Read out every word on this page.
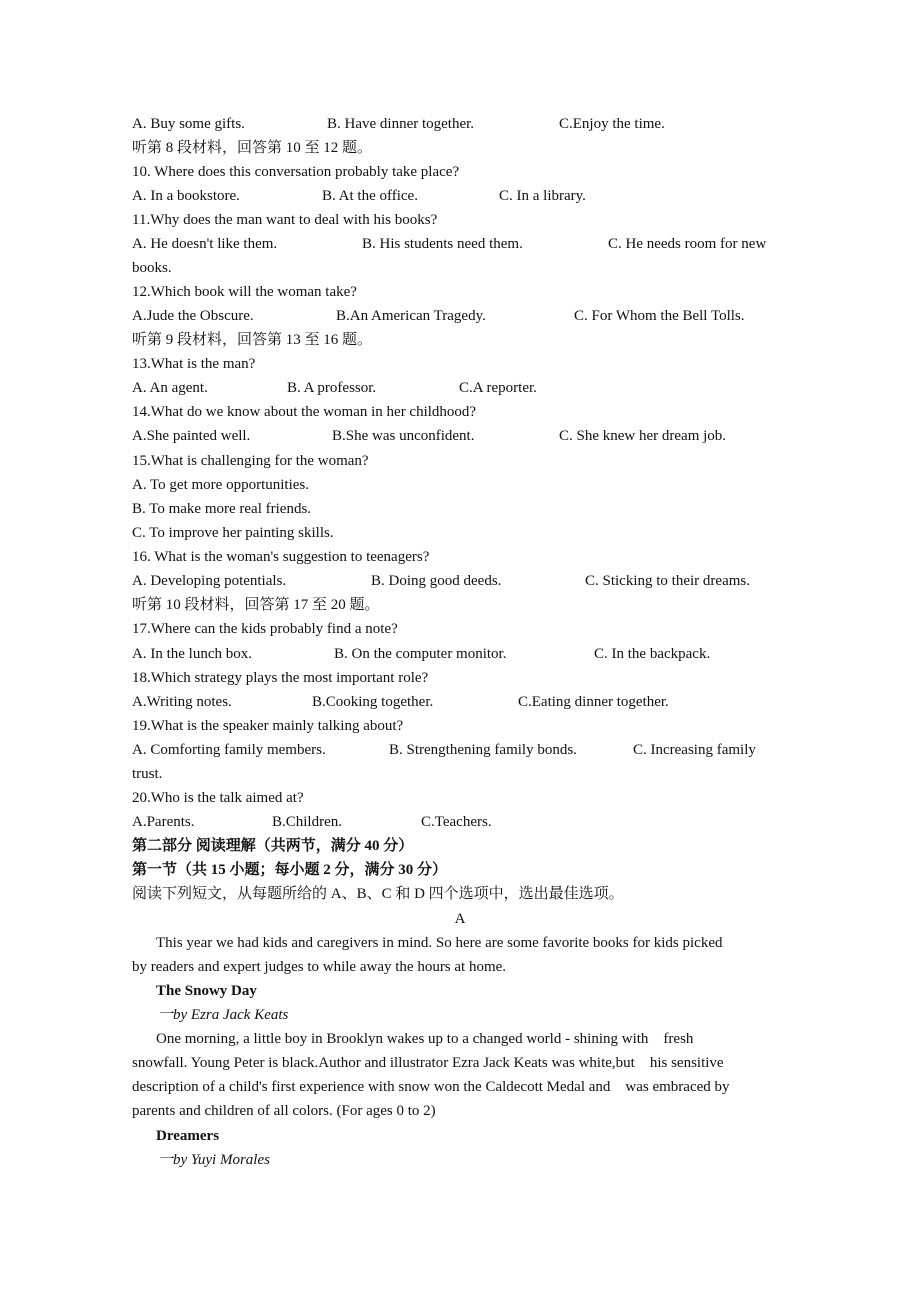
A. Buy some gifts.	B. Have dinner together.	C.Enjoy the time.
听第 8 段材料，回答第 10 至 12 题。
10. Where does this conversation probably take place?
A. In a bookstore.	B. At the office.	C. In a library.
11.Why does the man want to deal with his books?
A. He doesn't like them.	B. His students need them.	C. He needs room for new
books.
12.Which book will the woman take?
A.Jude the Obscure.	B.An American Tragedy.	C. For Whom the Bell Tolls.
听第 9 段材料，回答第 13 至 16 题。
13.What is the man?
A. An agent.	B. A professor.	C.A reporter.
14.What do we know about the woman in her childhood?
A.She painted well.	B.She was unconfident.	C. She knew her dream job.
15.What is challenging for the woman?
A. To get more opportunities.
B. To make more real friends.
C. To improve her painting skills.
16. What is the woman's suggestion to teenagers?
A. Developing potentials.	B. Doing good deeds.	C. Sticking to their dreams.
听第 10 段材料，回答第 17 至 20 题。
17.Where can the kids probably find a note?
A. In the lunch box.	B. On the computer monitor.	C. In the backpack.
18.Which strategy plays the most important role?
A.Writing notes.	B.Cooking together.	C.Eating dinner together.
19.What is the speaker mainly talking about?
A. Comforting family members.	B. Strengthening family bonds.	C. Increasing family
trust.
20.Who is the talk aimed at?
A.Parents.	B.Children.	C.Teachers.
第二部分 阅读理解（共两节，满分 40 分）
第一节（共 15 小题；每小题 2 分，满分 30 分）
阅读下列短文，从每题所给的 A、B、C 和 D 四个选项中，选出最佳选项。
A
This year we had kids and caregivers in mind. So here are some favorite books for kids picked
by readers and expert judges to while away the hours at home.
The Snowy Day
一by Ezra Jack Keats
One morning, a little boy in Brooklyn wakes up to a changed world - shining with    fresh
snowfall. Young Peter is black.Author and illustrator Ezra Jack Keats was white,but    his sensitive
description of a child's first experience with snow won the Caldecott Medal and    was embraced by
parents and children of all colors. (For ages 0 to 2)
Dreamers
一by Yuyi Morales
